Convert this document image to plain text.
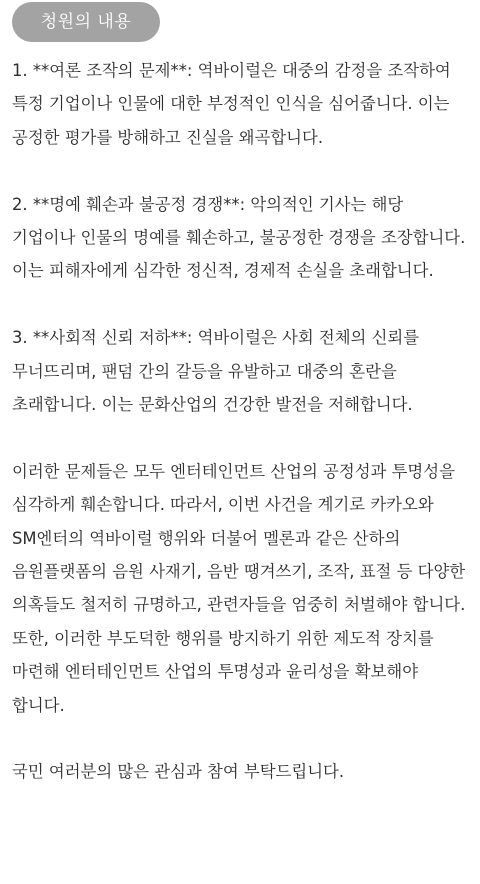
청원의 내용

1. **여론 조작의 문제**: 역바이럴은 대중의 감정을 조작하여 특정 기업이나 인물에 대한 부정적인 인식을 심어줍니다. 이는 공정한 평가를 방해하고 진실을 왜곡합니다.

2. **명예 훼손과 불공정 경쟁**: 악의적인 기사는 해당 기업이나 인물의 명예를 훼손하고, 불공정한 경쟁을 조장합니다. 이는 피해자에게 심각한 정신적, 경제적 손실을 초래합니다.

3. **사회적 신뢰 저하**: 역바이럴은 사회 전체의 신뢰를 무너뜨리며, 팬덤 간의 갈등을 유발하고 대중의 혼란을 초래합니다. 이는 문화산업의 건강한 발전을 저해합니다.

이러한 문제들은 모두 엔터테인먼트 산업의 공정성과 투명성을 심각하게 훼손합니다. 따라서, 이번 사건을 계기로 카카오와 SM엔터의 역바이럴 행위와 더불어 멜론과 같은 산하의 음원플랫폼의 음원 사재기, 음반 땡겨쓰기, 조작, 표절 등 다양한 의혹들도 철저히 규명하고, 관련자들을 엄중히 처벌해야 합니다. 또한, 이러한 부도덕한 행위를 방지하기 위한 제도적 장치를 마련해 엔터테인먼트 산업의 투명성과 윤리성을 확보해야 합니다.

국민 여러분의 많은 관심과 참여 부탁드립니다.
